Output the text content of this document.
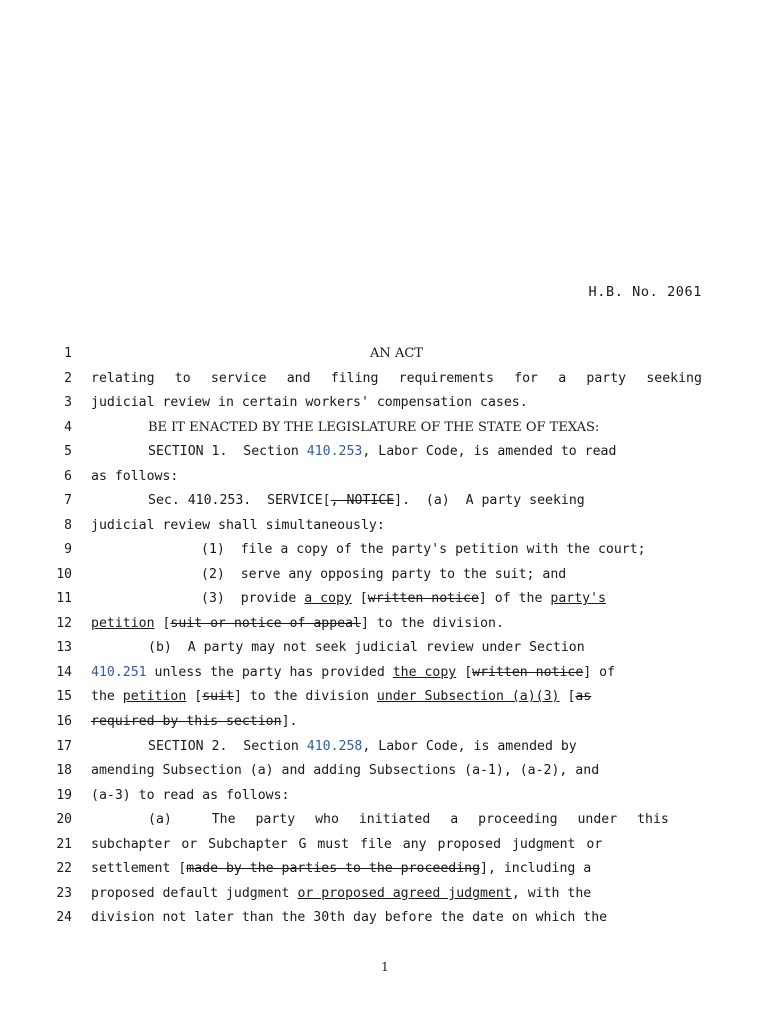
H.B. No. 2061
1	AN ACT
2 relating to service and filing requirements for a party seeking
3 judicial review in certain workers' compensation cases.
4	BE IT ENACTED BY THE LEGISLATURE OF THE STATE OF TEXAS:
5	SECTION 1.  Section 410.253, Labor Code, is amended to read
6 as follows:
7	Sec. 410.253.  SERVICE[, NOTICE].  (a)  A party seeking
8 judicial review shall simultaneously:
9	(1)  file a copy of the party's petition with the court;
10	(2)  serve any opposing party to the suit; and
11	(3)  provide a copy [written notice] of the party's
12 petition [suit or notice of appeal] to the division.
13	(b)  A party may not seek judicial review under Section
14 410.251 unless the party has provided the copy [written notice] of
15 the petition [suit] to the division under Subsection (a)(3) [as
16 required by this section].
17	SECTION 2.  Section 410.258, Labor Code, is amended by
18 amending Subsection (a) and adding Subsections (a-1), (a-2), and
19 (a-3) to read as follows:
20	(a)  The party who initiated a proceeding under this
21 subchapter or Subchapter G must file any proposed judgment or
22 settlement [made by the parties to the proceeding], including a
23 proposed default judgment or proposed agreed judgment, with the
24 division not later than the 30th day before the date on which the
1
